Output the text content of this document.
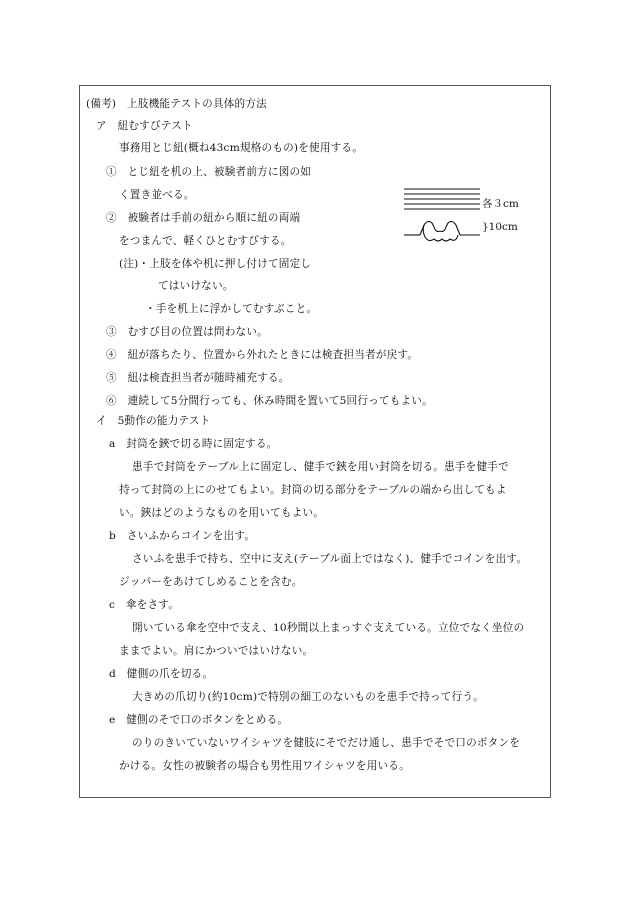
(備考)　上肢機能テストの具体的方法
ア　紐むすびテスト
事務用とじ紐(概ね43cm規格のもの)を使用する。
①　とじ紐を机の上、被験者前方に図の如
く置き並べる。
②　被験者は手前の紐から順に紐の両端
をつまんで、軽くひとむすびする。
(注)・上肢を体や机に押し付けて固定し
てはいけない。
・手を机上に浮かしてむすぶこと。
③　むすび目の位置は問わない。
④　紐が落ちたり、位置から外れたときには検査担当者が戻す。
⑤　紐は検査担当者が随時補充する。
⑥　連続して5分間行っても、休み時間を置いて5回行ってもよい。
各３cm
}10cm
イ　5動作の能力テスト
a　封筒を鋏で切る時に固定する。
患手で封筒をテーブル上に固定し、健手で鋏を用い封筒を切る。患手を健手で
持って封筒の上にのせてもよい。封筒の切る部分をテーブルの端から出してもよ
い。鋏はどのようなものを用いてもよい。
b　さいふからコインを出す。
さいふを患手で持ち、空中に支え(テーブル面上ではなく)、健手でコインを出す。
ジッパーをあけてしめることを含む。
c　傘をさす。
開いている傘を空中で支え、10秒間以上まっすぐ支えている。立位でなく坐位の
ままでよい。肩にかついではいけない。
d　健側の爪を切る。
大きめの爪切り(約10cm)で特別の細工のないものを患手で持って行う。
e　健側のそで口のボタンをとめる。
のりのきいていないワイシャツを健肢にそでだけ通し、患手でそで口のボタンを
かける。女性の被験者の場合も男性用ワイシャツを用いる。
